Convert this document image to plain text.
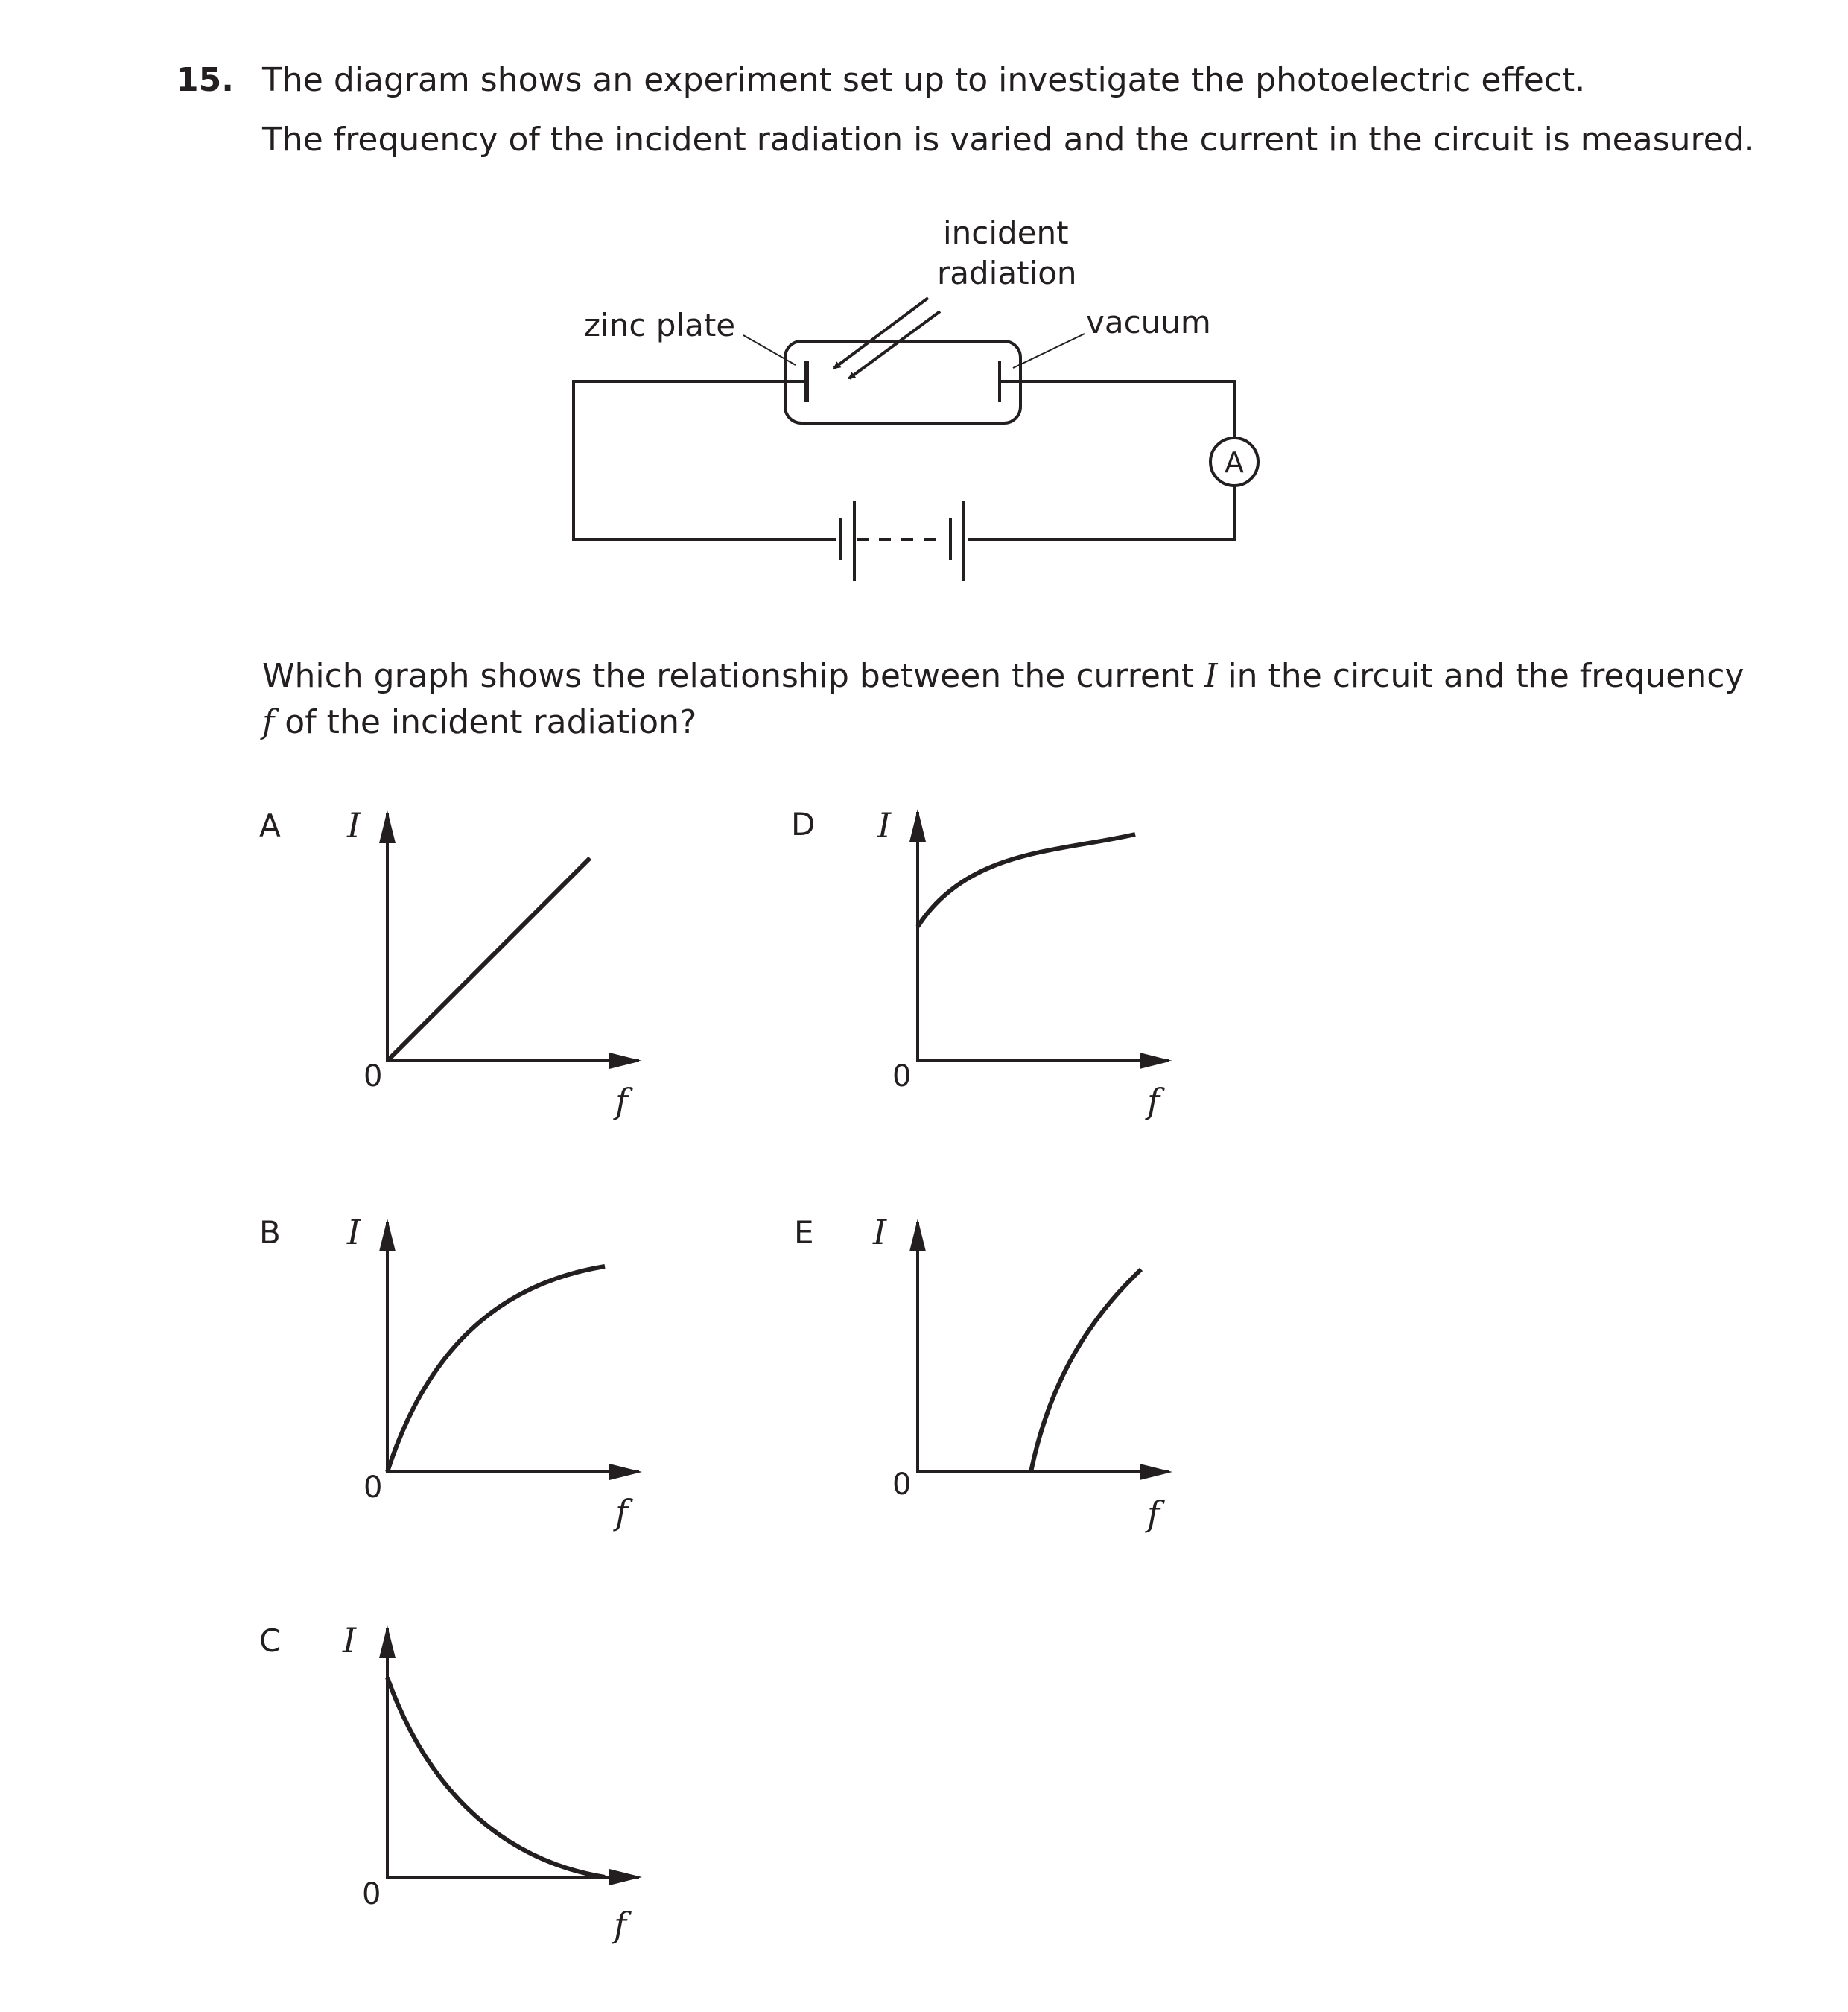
15. The diagram shows an experiment set up to investigate the photoelectric effect.

The frequency of the incident radiation is varied and the current in the circuit is measured.

Which graph shows the relationship between the current I in the circuit and the frequency

f of the incident radiation?

incident

radiation

zinc plate	vacuum

A

A

B

C

D

E

I
0
f
I
0
f
I
0
f
I
0
f
I
0
f
